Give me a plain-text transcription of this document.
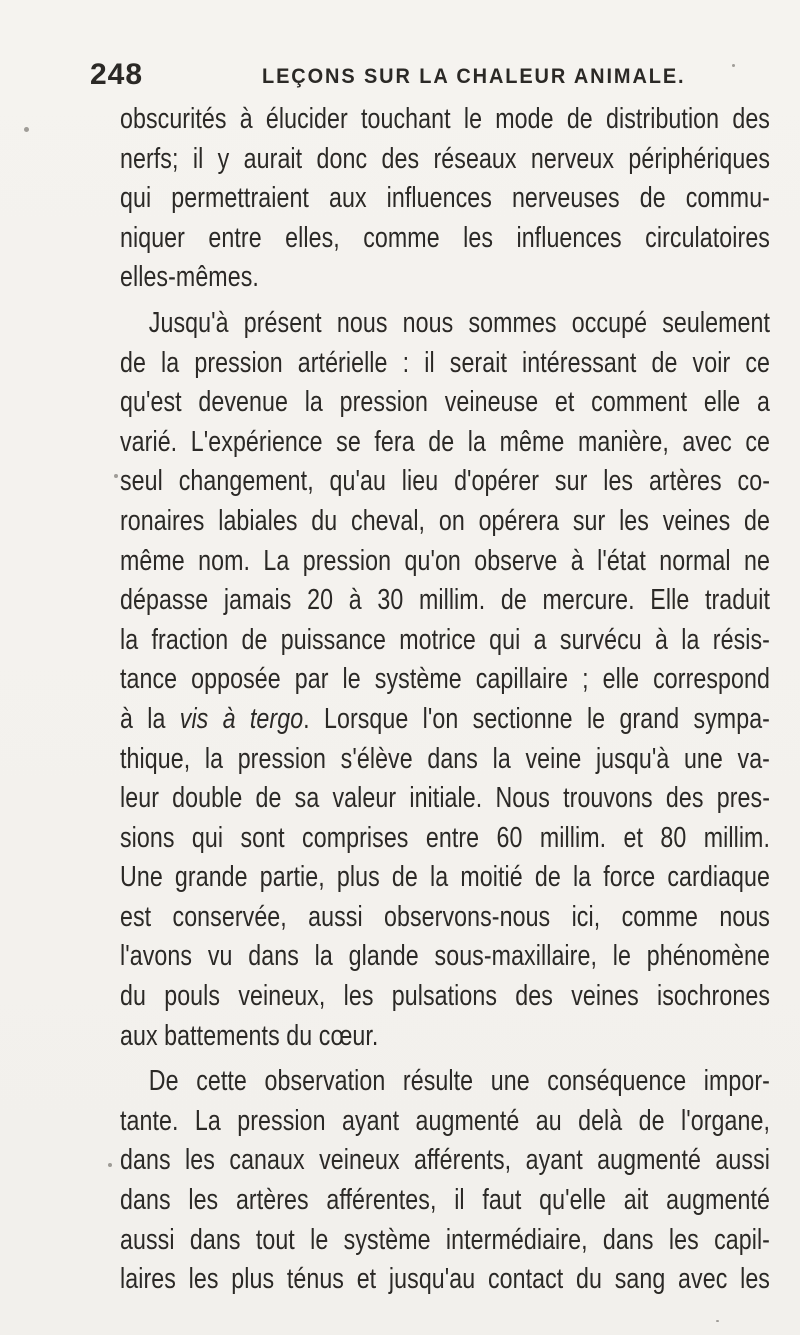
248	LEÇONS SUR LA CHALEUR ANIMALE.
obscurités à élucider touchant le mode de distribution des
nerfs; il y aurait donc des réseaux nerveux périphériques
qui permettraient aux influences nerveuses de commu-
niquer entre elles, comme les influences circulatoires
elles-mêmes.
Jusqu'à présent nous nous sommes occupé seulement
de la pression artérielle : il serait intéressant de voir ce
qu'est devenue la pression veineuse et comment elle a
varié. L'expérience se fera de la même manière, avec ce
seul changement, qu'au lieu d'opérer sur les artères co-
ronaires labiales du cheval, on opérera sur les veines de
même nom. La pression qu'on observe à l'état normal ne
dépasse jamais 20 à 30 millim. de mercure. Elle traduit
la fraction de puissance motrice qui a survécu à la résis-
tance opposée par le système capillaire ; elle correspond
à la vis à tergo. Lorsque l'on sectionne le grand sympa-
thique, la pression s'élève dans la veine jusqu'à une va-
leur double de sa valeur initiale. Nous trouvons des pres-
sions qui sont comprises entre 60 millim. et 80 millim.
Une grande partie, plus de la moitié de la force cardiaque
est conservée, aussi observons-nous ici, comme nous
l'avons vu dans la glande sous-maxillaire, le phénomène
du pouls veineux, les pulsations des veines isochrones
aux battements du cœur.
De cette observation résulte une conséquence impor-
tante. La pression ayant augmenté au delà de l'organe,
dans les canaux veineux afférents, ayant augmenté aussi
dans les artères afférentes, il faut qu'elle ait augmenté
aussi dans tout le système intermédiaire, dans les capil-
laires les plus ténus et jusqu'au contact du sang avec les
